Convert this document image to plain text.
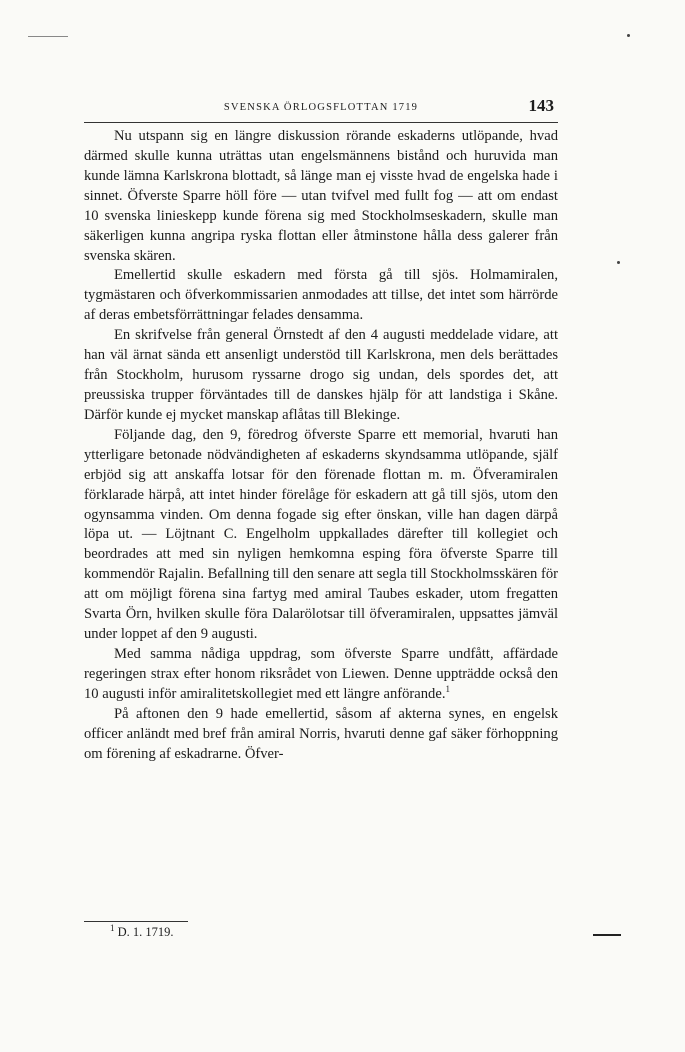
SVENSKA ÖRLOGSFLOTTAN 1719	143

Nu utspann sig en längre diskussion rörande eskaderns utlöpande, hvad därmed skulle kunna uträttas utan engelsmännens bistånd och huruvida man kunde lämna Karlskrona blottadt, så länge man ej visste hvad de engelska hade i sinnet. Öfverste Sparre höll före — utan tvifvel med fullt fog — att om endast 10 svenska linieskepp kunde förena sig med Stockholmseskadern, skulle man säkerligen kunna angripa ryska flottan eller åtminstone hålla dess galerer från svenska skären.

Emellertid skulle eskadern med första gå till sjös. Holmamiralen, tygmästaren och öfverkommissarien anmodades att tillse, det intet som härrörde af deras embetsförrättningar felades densamma.

En skrifvelse från general Örnstedt af den 4 augusti meddelade vidare, att han väl ärnat sända ett ansenligt understöd till Karlskrona, men dels berättades från Stockholm, hurusom ryssarne drogo sig undan, dels spordes det, att preussiska trupper förväntades till de danskes hjälp för att landstiga i Skåne. Därför kunde ej mycket manskap aflåtas till Blekinge.

Följande dag, den 9, föredrog öfverste Sparre ett memorial, hvaruti han ytterligare betonade nödvändigheten af eskaderns skyndsamma utlöpande, själf erbjöd sig att anskaffa lotsar för den förenade flottan m. m. Öfveramiralen förklarade härpå, att intet hinder förelåge för eskadern att gå till sjös, utom den ogynsamma vinden. Om denna fogade sig efter önskan, ville han dagen därpå löpa ut. — Löjtnant C. Engelholm uppkallades därefter till kollegiet och beordrades att med sin nyligen hemkomna esping föra öfverste Sparre till kommendör Rajalin. Befallning till den senare att segla till Stockholmsskären för att om möjligt förena sina fartyg med amiral Taubes eskader, utom fregatten Svarta Örn, hvilken skulle föra Dalarölotsar till öfveramiralen, uppsattes jämväl under loppet af den 9 augusti.

Med samma nådiga uppdrag, som öfverste Sparre undfått, affärdade regeringen strax efter honom riksrådet von Liewen. Denne uppträdde också den 10 augusti inför amiralitetskollegiet med ett längre anförande.$^1$

På aftonen den 9 hade emellertid, såsom af akterna synes, en engelsk officer anländt med bref från amiral Norris, hvaruti denne gaf säker förhoppning om förening af eskadrarne. Öfver-

$^1$ D. 1. 1719.
